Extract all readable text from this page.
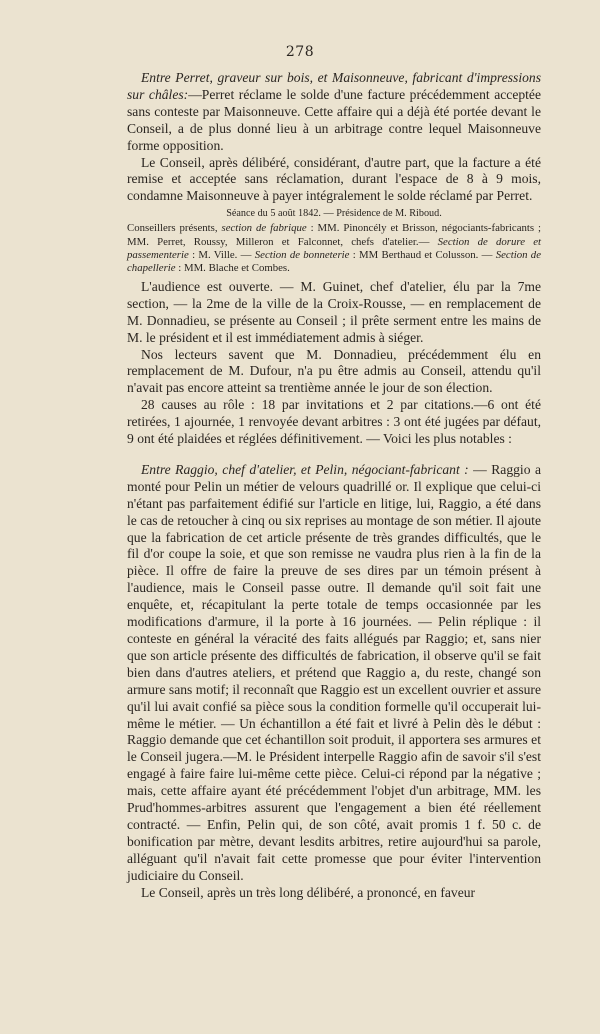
278

Entre Perret, graveur sur bois, et Maisonneuve, fabricant d'impressions sur châles:—Perret réclame le solde d'une facture précédemment acceptée sans conteste par Maisonneuve. Cette affaire qui a déjà été portée devant le Conseil, a de plus donné lieu à un arbitrage contre lequel Maisonneuve forme opposition.

Le Conseil, après délibéré, considérant, d'autre part, que la facture a été remise et acceptée sans réclamation, durant l'espace de 8 à 9 mois, condamne Maisonneuve à payer intégralement le solde réclamé par Perret.

Séance du 5 août 1842. — Présidence de M. Riboud.

Conseillers présents, section de fabrique : MM. Pinoncély et Brisson, négociants-fabricants ; MM. Perret, Roussy, Milleron et Falconnet, chefs d'atelier.— Section de dorure et passementerie : M. Ville. — Section de bonneterie : MM Berthaud et Colusson. — Section de chapellerie : MM. Blache et Combes.

L'audience est ouverte. — M. Guinet, chef d'atelier, élu par la 7me section, — la 2me de la ville de la Croix-Rousse, — en remplacement de M. Donnadieu, se présente au Conseil ; il prête serment entre les mains de M. le président et il est immédiatement admis à siéger.

Nos lecteurs savent que M. Donnadieu, précédemment élu en remplacement de M. Dufour, n'a pu être admis au Conseil, attendu qu'il n'avait pas encore atteint sa trentième année le jour de son élection.

28 causes au rôle : 18 par invitations et 2 par citations.—6 ont été retirées, 1 ajournée, 1 renvoyée devant arbitres : 3 ont été jugées par défaut, 9 ont été plaidées et réglées définitivement. — Voici les plus notables :

Entre Raggio, chef d'atelier, et Pelin, négociant-fabricant : — Raggio a monté pour Pelin un métier de velours quadrillé or. Il explique que celui-ci n'étant pas parfaitement édifié sur l'article en litige, lui, Raggio, a été dans le cas de retoucher à cinq ou six reprises au montage de son métier. Il ajoute que la fabrication de cet article présente de très grandes difficultés, que le fil d'or coupe la soie, et que son remisse ne vaudra plus rien à la fin de la pièce. Il offre de faire la preuve de ses dires par un témoin présent à l'audience, mais le Conseil passe outre. Il demande qu'il soit fait une enquête, et, récapitulant la perte totale de temps occasionnée par les modifications d'armure, il la porte à 16 journées. — Pelin réplique : il conteste en général la véracité des faits allégués par Raggio; et, sans nier que son article présente des difficultés de fabrication, il observe qu'il se fait bien dans d'autres ateliers, et prétend que Raggio a, du reste, changé son armure sans motif; il reconnaît que Raggio est un excellent ouvrier et assure qu'il lui avait confié sa pièce sous la condition formelle qu'il occuperait lui-même le métier. — Un échantillon a été fait et livré à Pelin dès le début : Raggio demande que cet échantillon soit produit, il apportera ses armures et le Conseil jugera.—M. le Président interpelle Raggio afin de savoir s'il s'est engagé à faire faire lui-même cette pièce. Celui-ci répond par la négative ; mais, cette affaire ayant été précédemment l'objet d'un arbitrage, MM. les Prud'hommes-arbitres assurent que l'engagement a bien été réellement contracté. — Enfin, Pelin qui, de son côté, avait promis 1 f. 50 c. de bonification par mètre, devant lesdits arbitres, retire aujourd'hui sa parole, alléguant qu'il n'avait fait cette promesse que pour éviter l'intervention judiciaire du Conseil.

Le Conseil, après un très long délibéré, a prononcé, en faveur
